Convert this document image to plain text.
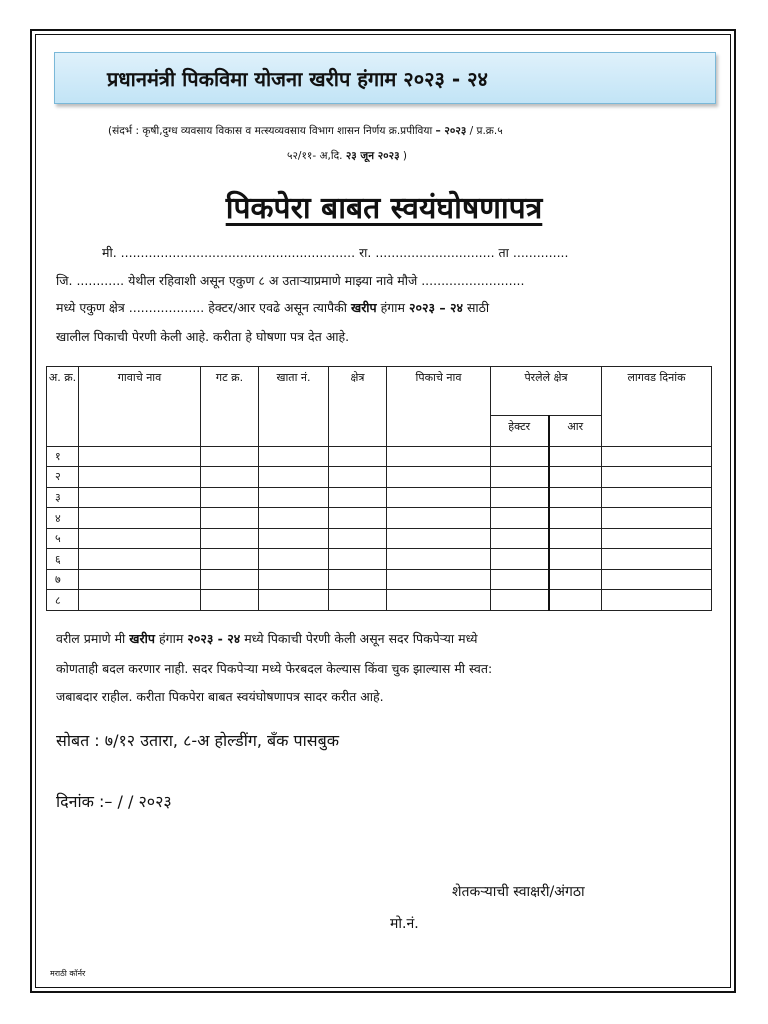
प्रधानमंत्री पिकविमा योजना खरीप हंगाम २०२३ - २४
(संदर्भ : कृषी,दुग्ध व्यवसाय विकास व मत्स्यव्यवसाय विभाग शासन निर्णय क्र.प्रपीविया – २०२३ / प्र.क्र.५
५२/११- अ,दि. २३ जून २०२३ )
पिकपेरा बाबत स्वयंघोषणापत्र
मी. ........................................................... रा. .............................. ता ..............
जि. ............ येथील रहिवाशी असून एकुण ८ अ उताऱ्याप्रमाणे माझ्या नावे मौजे ..........................
मध्ये एकुण क्षेत्र ................... हेक्टर/आर एवढे असून त्यापैकी खरीप हंगाम २०२३ – २४ साठी
खालील पिकाची पेरणी केली आहे. करीता हे घोषणा पत्र देत आहे.
अ. क्र.	गावाचे नाव	गट क्र.	खाता नं.	क्षेत्र	पिकाचे नाव	पेरलेले क्षेत्र		लागवड दिनांक
						हेक्टर	आर	
१								
२								
३								
४								
५								
६								
७								
८								
वरील प्रमाणे मी खरीप हंगाम २०२३ - २४ मध्ये पिकाची पेरणी केली असून सदर पिकपेऱ्या मध्ये
कोणताही बदल करणार नाही. सदर पिकपेऱ्या मध्ये फेरबदल केल्यास किंवा चुक झाल्यास मी स्वत:
जबाबदार राहील. करीता पिकपेरा बाबत स्वयंघोषणापत्र सादर करीत आहे.
सोबत : ७/१२ उतारा, ८-अ होल्डींग, बॅंक पासबुक
दिनांक :– / / २०२३
शेतकऱ्याची स्वाक्षरी/अंगठा
मो.नं.
मराठी कॉर्नर
